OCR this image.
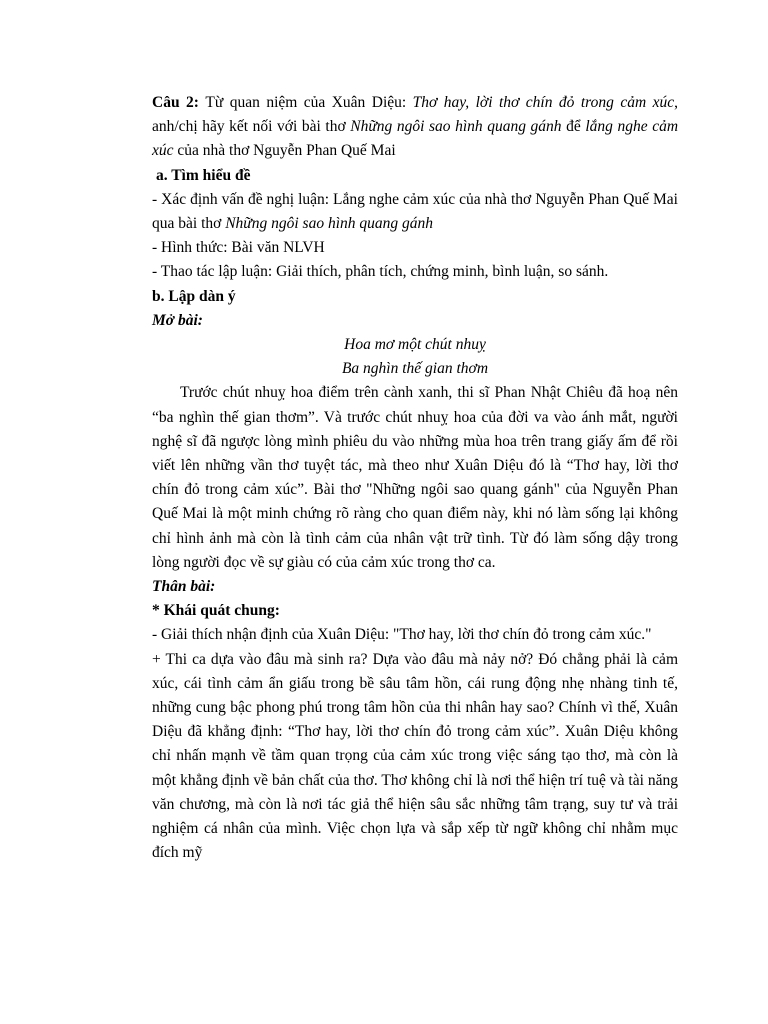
Câu 2: Từ quan niệm của Xuân Diệu: Thơ hay, lời thơ chín đỏ trong cảm xúc, anh/chị hãy kết nối với bài thơ Những ngôi sao hình quang gánh để lắng nghe cảm xúc của nhà thơ Nguyễn Phan Quế Mai

a. Tìm hiểu đề

- Xác định vấn đề nghị luận: Lắng nghe cảm xúc của nhà thơ Nguyễn Phan Quế Mai qua bài thơ Những ngôi sao hình quang gánh

- Hình thức: Bài văn NLVH

- Thao tác lập luận: Giải thích, phân tích, chứng minh, bình luận, so sánh.

b. Lập dàn ý

Mở bài:

Hoa mơ một chút nhuỵ

Ba nghìn thế gian thơm

Trước chút nhuỵ hoa điểm trên cành xanh, thi sĩ Phan Nhật Chiêu đã hoạ nên “ba nghìn thế gian thơm”. Và trước chút nhuỵ hoa của đời va vào ánh mắt, người nghệ sĩ đã ngược lòng mình phiêu du vào những mùa hoa trên trang giấy ấm để rồi viết lên những vần thơ tuyệt tác, mà theo như Xuân Diệu đó là “Thơ hay, lời thơ chín đỏ trong cảm xúc”. Bài thơ "Những ngôi sao quang gánh" của Nguyễn Phan Quế Mai là một minh chứng rõ ràng cho quan điểm này, khi nó làm sống lại không chỉ hình ảnh mà còn là tình cảm của nhân vật trữ tình. Từ đó làm sống dậy trong lòng người đọc về sự giàu có của cảm xúc trong thơ ca.

Thân bài:

* Khái quát chung:

- Giải thích nhận định của Xuân Diệu: "Thơ hay, lời thơ chín đỏ trong cảm xúc."

+ Thi ca dựa vào đâu mà sinh ra? Dựa vào đâu mà nảy nở? Đó chẳng phải là cảm xúc, cái tình cảm ẩn giấu trong bề sâu tâm hồn, cái rung động nhẹ nhàng tinh tế, những cung bậc phong phú trong tâm hồn của thi nhân hay sao? Chính vì thế, Xuân Diệu đã khẳng định: “Thơ hay, lời thơ chín đỏ trong cảm xúc”. Xuân Diệu không chỉ nhấn mạnh về tầm quan trọng của cảm xúc trong việc sáng tạo thơ, mà còn là một khẳng định về bản chất của thơ. Thơ không chỉ là nơi thể hiện trí tuệ và tài năng văn chương, mà còn là nơi tác giả thể hiện sâu sắc những tâm trạng, suy tư và trải nghiệm cá nhân của mình. Việc chọn lựa và sắp xếp từ ngữ không chỉ nhằm mục đích mỹ
